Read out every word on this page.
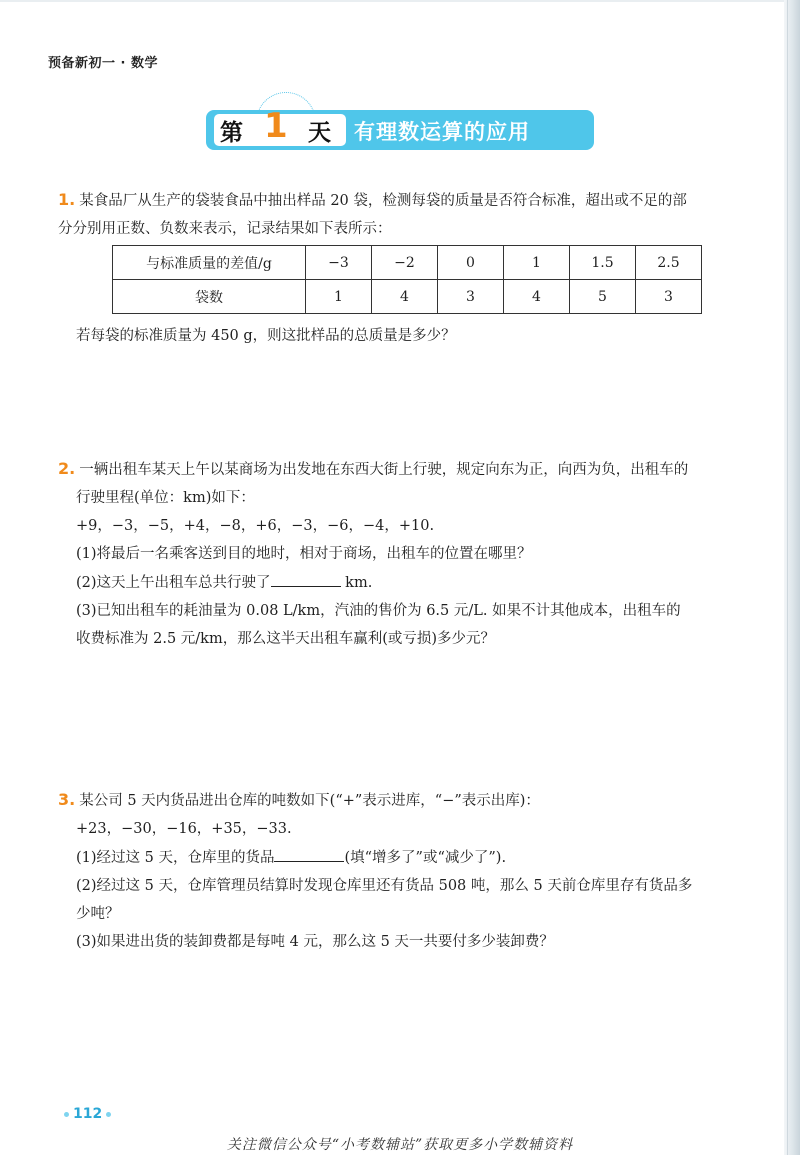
预备新初一 · 数学
第 1 天 有理数运算的应用
1. 某食品厂从生产的袋装食品中抽出样品 20 袋，检测每袋的质量是否符合标准，超出或不足的部
分分别用正数、负数来表示，记录结果如下表所示：
与标准质量的差值/g	−3	−2	0	1	1.5	2.5
袋数	1	4	3	4	5	3
若每袋的标准质量为 450 g，则这批样品的总质量是多少？
2. 一辆出租车某天上午以某商场为出发地在东西大街上行驶，规定向东为正，向西为负，出租车的
行驶里程(单位：km)如下：
+9，−3，−5，+4，−8，+6，−3，−6，−4，+10.
(1)将最后一名乘客送到目的地时，相对于商场，出租车的位置在哪里？
(2)这天上午出租车总共行驶了	km.
(3)已知出租车的耗油量为 0.08 L/km，汽油的售价为 6.5 元/L. 如果不计其他成本，出租车的
收费标准为 2.5 元/km，那么这半天出租车赢利(或亏损)多少元？
3. 某公司 5 天内货品进出仓库的吨数如下(“+”表示进库，“−”表示出库)：
+23，−30，−16，+35，−33.
(1)经过这 5 天，仓库里的货品	(填“增多了”或“减少了”).
(2)经过这 5 天，仓库管理员结算时发现仓库里还有货品 508 吨，那么 5 天前仓库里存有货品多
少吨？
(3)如果进出货的装卸费都是每吨 4 元，那么这 5 天一共要付多少装卸费？
112
关注微信公众号“小考数辅站”获取更多小学数辅资料
